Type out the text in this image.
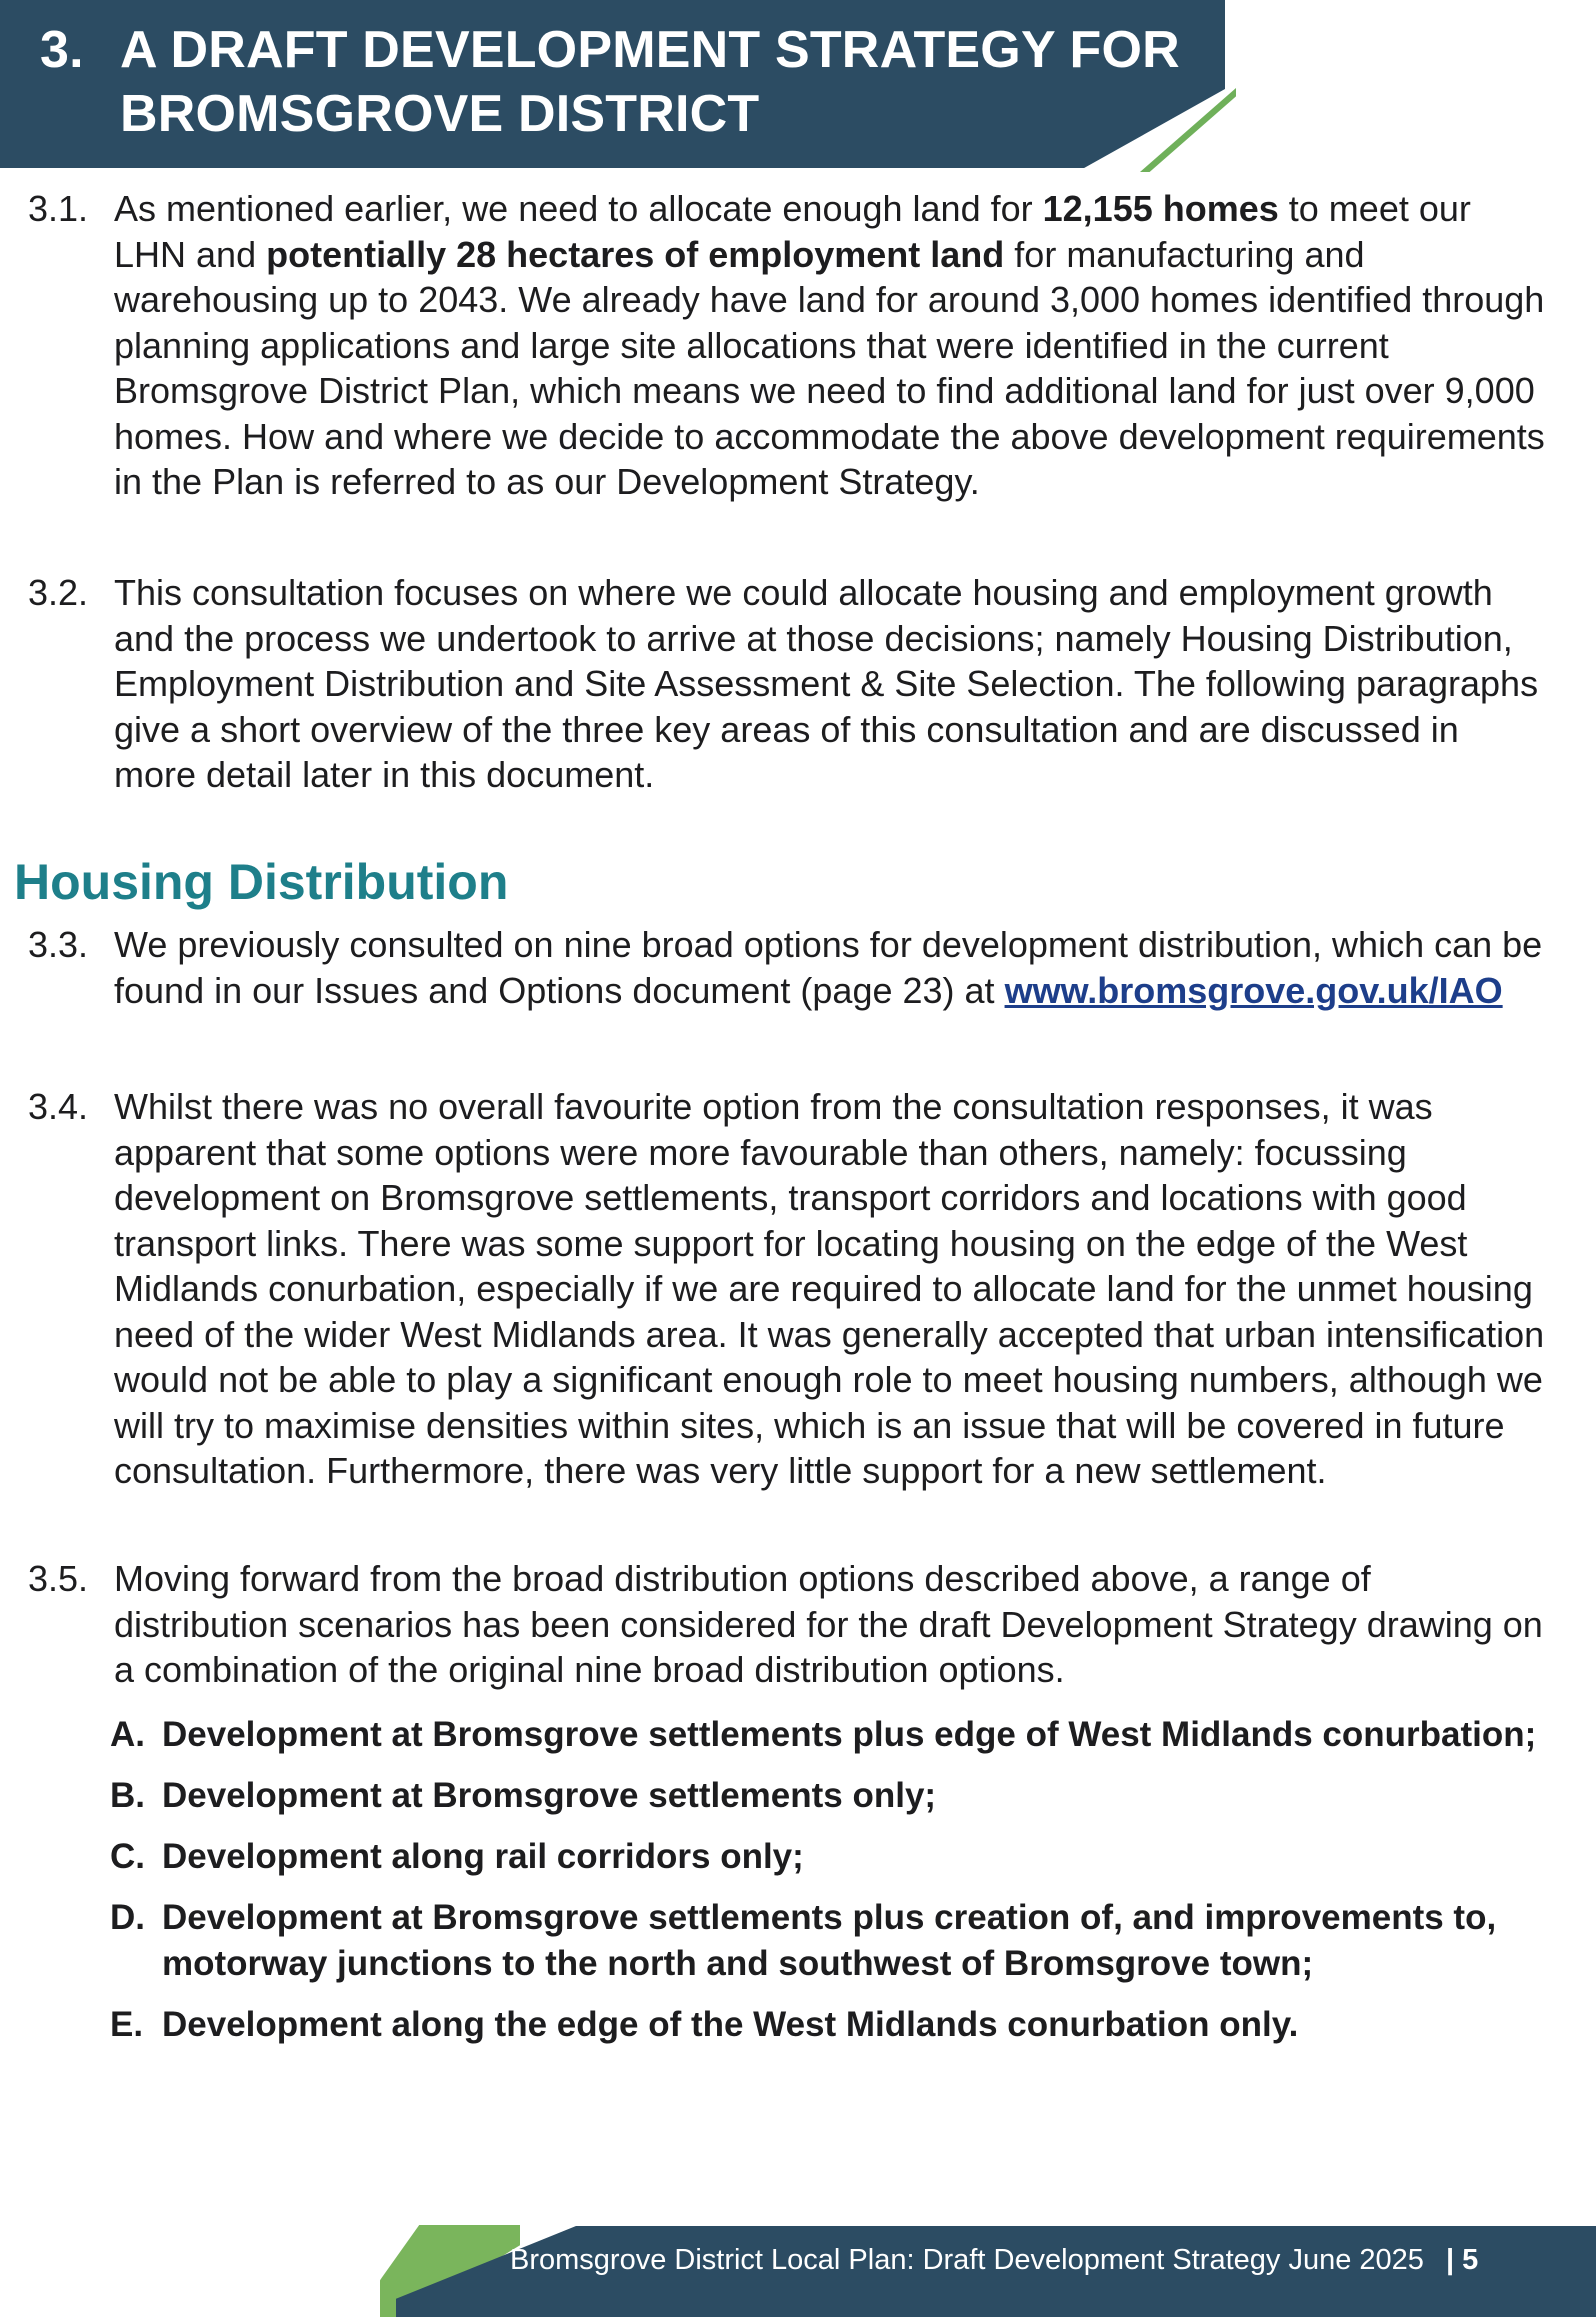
3. A DRAFT DEVELOPMENT STRATEGY FOR
BROMSGROVE DISTRICT
3.1. As mentioned earlier, we need to allocate enough land for 12,155 homes to meet our LHN and potentially 28 hectares of employment land for manufacturing and warehousing up to 2043. We already have land for around 3,000 homes identified through planning applications and large site allocations that were identified in the current Bromsgrove District Plan, which means we need to find additional land for just over 9,000 homes. How and where we decide to accommodate the above development requirements in the Plan is referred to as our Development Strategy.
3.2. This consultation focuses on where we could allocate housing and employment growth and the process we undertook to arrive at those decisions; namely Housing Distribution, Employment Distribution and Site Assessment & Site Selection. The following paragraphs give a short overview of the three key areas of this consultation and are discussed in more detail later in this document.
Housing Distribution
3.3. We previously consulted on nine broad options for development distribution, which can be found in our Issues and Options document (page 23) at www.bromsgrove.gov.uk/IAO
3.4. Whilst there was no overall favourite option from the consultation responses, it was apparent that some options were more favourable than others, namely: focussing development on Bromsgrove settlements, transport corridors and locations with good transport links. There was some support for locating housing on the edge of the West Midlands conurbation, especially if we are required to allocate land for the unmet housing need of the wider West Midlands area. It was generally accepted that urban intensification would not be able to play a significant enough role to meet housing numbers, although we will try to maximise densities within sites, which is an issue that will be covered in future consultation. Furthermore, there was very little support for a new settlement.
3.5. Moving forward from the broad distribution options described above, a range of distribution scenarios has been considered for the draft Development Strategy drawing on a combination of the original nine broad distribution options.
A. Development at Bromsgrove settlements plus edge of West Midlands conurbation;
B. Development at Bromsgrove settlements only;
C. Development along rail corridors only;
D. Development at Bromsgrove settlements plus creation of, and improvements to, motorway junctions to the north and southwest of Bromsgrove town;
E. Development along the edge of the West Midlands conurbation only.
Bromsgrove District Local Plan: Draft Development Strategy June 2025 | 5
